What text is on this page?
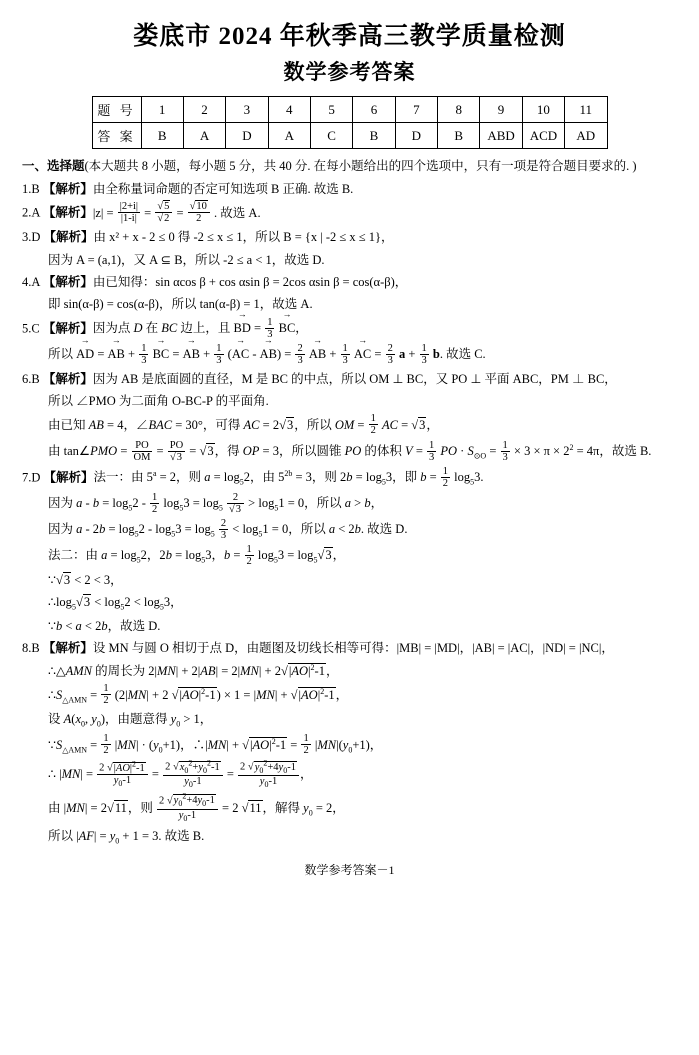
娄底市 2024 年秋季高三教学质量检测
数学参考答案
题 号	1	2	3	4	5	6	7	8	9	10	11
答 案	B	A	D	A	C	B	D	B	ABD	ACD	AD
一、选择题(本大题共 8 小题，每小题 5 分，共 40 分. 在每小题给出的四个选项中，只有一项是符合题目要求的. )
1.B 【解析】由全称量词命题的否定可知选项 B 正确. 故选 B.
2.A 【解析】$|z| = \frac{|2+i|}{|1-i|} = \frac{√5}{√2} = \frac{√10}{2}$ . 故选 A.
3.D 【解析】由 x² + x - 2 ≤ 0 得 -2 ≤ x ≤ 1，所以 B = {x | -2 ≤ x ≤ 1}，
因为 A = (a,1)，又 A ⊆ B，所以 -2 ≤ a < 1，故选 D.
4.A 【解析】由已知得：sin αcos β + cos αsin β = 2cos αsin β = cos(α-β)，
即 sin(α-β) = cos(α-β)，所以 tan(α-β) = 1，故选 A.
5.C 【解析】因为点 D 在 BC 边上，且 BD → = $\frac{1}{3}$ BC →，
所以 AD → = AB → + $\frac{1}{3}$ BC → = AB → + $\frac{1}{3} (AC$ → - AB →) = $\frac{2}{3}$ AB → + $\frac{1}{3}$ AC → = $\frac{2}{3}$ $a + \frac{1}{3} b$. 故选 C.
6.B 【解析】因为 AB 是底面圆的直径，M 是 BC 的中点，所以 OM ⊥ BC，又 PO ⊥ 平面 ABC，PM ⊥ BC，
所以 ∠PMO 为二面角 O-BC-P 的平面角.
由已知 AB = 4，∠BAC = 30°，可得 AC = 2√3，所以 OM = $\frac{1}{2}$ AC = √3，
由 tan∠PMO = $\frac{PO}{OM} = \frac{PO}{√3} = √3$，得 OP = 3，所以圆锥 PO 的体积 $V = \frac{1}{3}$ PO · $S_{⊙O} = \frac{1}{3} \times 3 \times \pi \times 2^2 = 4\pi$，故选 B.
7.D 【解析】法一：由 $5^a = 2$，则 $a = \log_52$，由 $5^{2b} = 3$，则 $2b = \log_53$，即 $b = \frac{1}{2} \log_53$.
因为 $a - b = \log_52 - \frac{1}{2} \log_53 = \log_5 \frac{2}{√3} > \log_51 = 0$，所以 a > b，
因为 $a - 2b = \log_52 - \log_53 = \log_5 \frac{2}{3} < \log_51 = 0$，所以 a < 2b. 故选 D.
法二：由 $a = \log_52$，$2b = \log_53$，$b = \frac{1}{2} \log_53 = \log_5√3$，
∵√3 < 2 < 3，
$\therefore\log_5√3 < \log_52 < \log_53$，
∵b < a < 2b，故选 D.
8.B 【解析】设 MN 与圆 O 相切于点 D，由题图及切线长相等可得：|MB| = |MD|，|AB| = |AC|，|ND| = |NC|，
∴△AMN 的周长为 $2|MN| + 2|AB| = 2|MN| + 2√|AO|^2-1$，
$\therefore S_{\triangle AMN} = \frac{1}{2} (2|MN| + 2$ $√|AO|^2-1) \times 1 = |MN| + √|AO|^2-1$，
设 $A(x_0$, $y_0$)，由题意得 $y_0 > 1$，
$\because S_{\triangle AMN} = \frac{1}{2} |MN| \cdot (y_0+1)$，∴|MN| + $√|AO|^2-1 = \frac{1}{2} |MN|(y_0+1)$，
∴ $|MN| = \frac{2 √|AO|^2-1}{y_0-1} = \frac{2 √x_0^2+y_0^2-1}{y_0-1} = \frac{2 √y_0^2+4y_0-1}{y_0-1}$ ，
由 |MN| = 2√11，则 $\frac{2 √y_0^2+4y_0-1}{y_0-1} = 2$ √11，解得 $y_0 = 2$，
所以 $|AF| = y_0 + 1 = 3$. 故选 B.
数学参考答案－1
